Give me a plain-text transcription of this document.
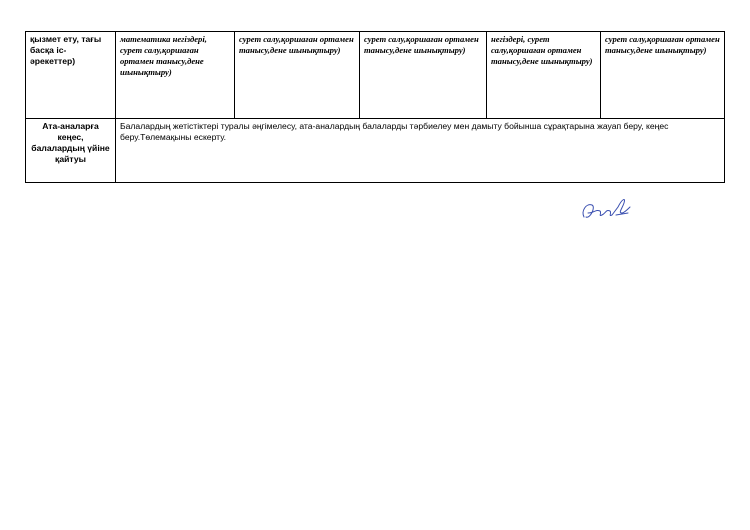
қызмет ету, тағы басқа іс-әрекеттер)	математика негіздері, сурет салу,қоршаған ортамен танысу,дене шынықтыру)	сурет салу,қоршаған ортамен танысу,дене шынықтыру)	сурет салу,қоршаған ортамен танысу,дене шынықтыру)	негіздері, сурет салу,қоршаған ортамен танысу,дене шынықтыру)	сурет салу,қоршаған ортамен танысу,дене шынықтыру)
Ата-аналарға кеңес, балалардың үйіне қайтуы	Балалардың жетістіктері туралы әңгімелесу, ата-аналардың балаларды тәрбиелеу мен дамыту бойынша сұрақтарына жауап беру, кеңес беру.Төлемақыны ескерту.				
